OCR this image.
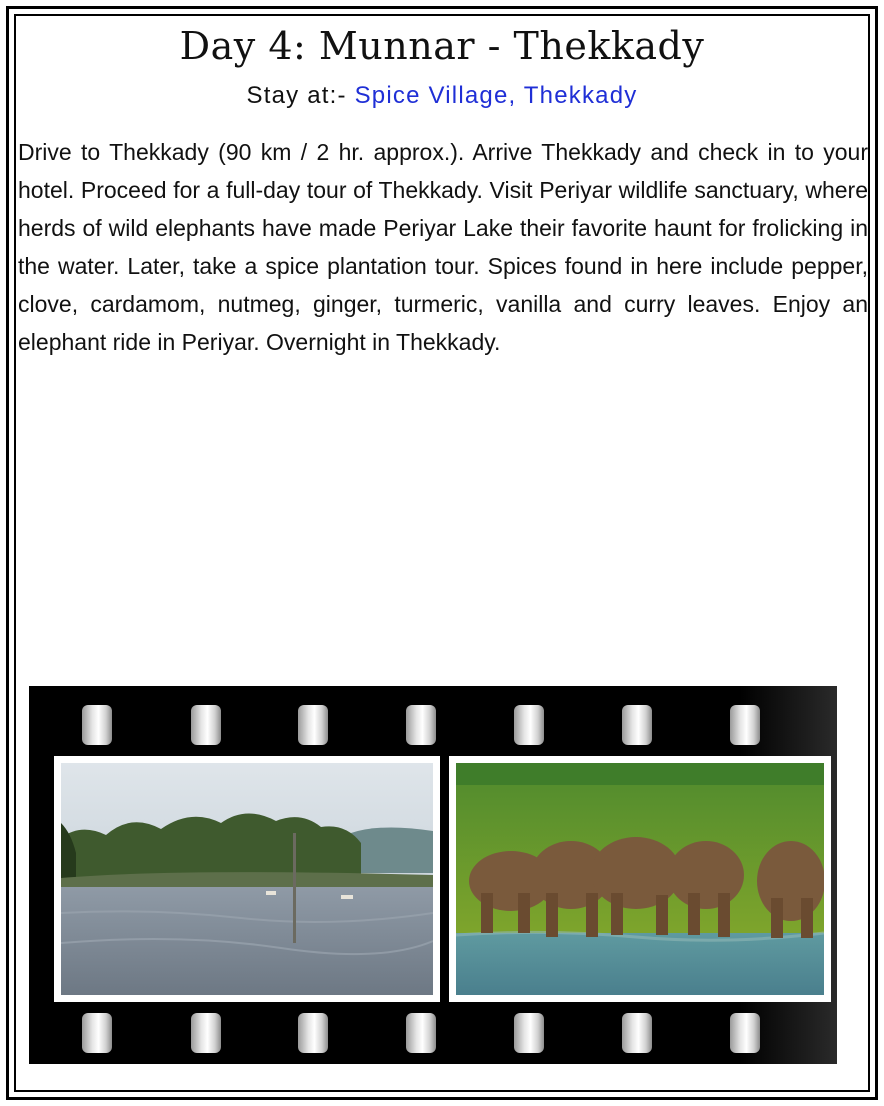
Day 4: Munnar - Thekkady
Stay at:- Spice Village, Thekkady

Drive to Thekkady (90 km / 2 hr. approx.). Arrive Thekkady and check in to your hotel. Proceed for a full-day tour of Thekkady. Visit Periyar wildlife sanctuary, where herds of wild elephants have made Periyar Lake their favorite haunt for frolicking in the water. Later, take a spice plantation tour. Spices found in here include pepper, clove, cardamom, nutmeg, ginger, turmeric, vanilla and curry leaves. Enjoy an elephant ride in Periyar. Overnight in Thekkady.
